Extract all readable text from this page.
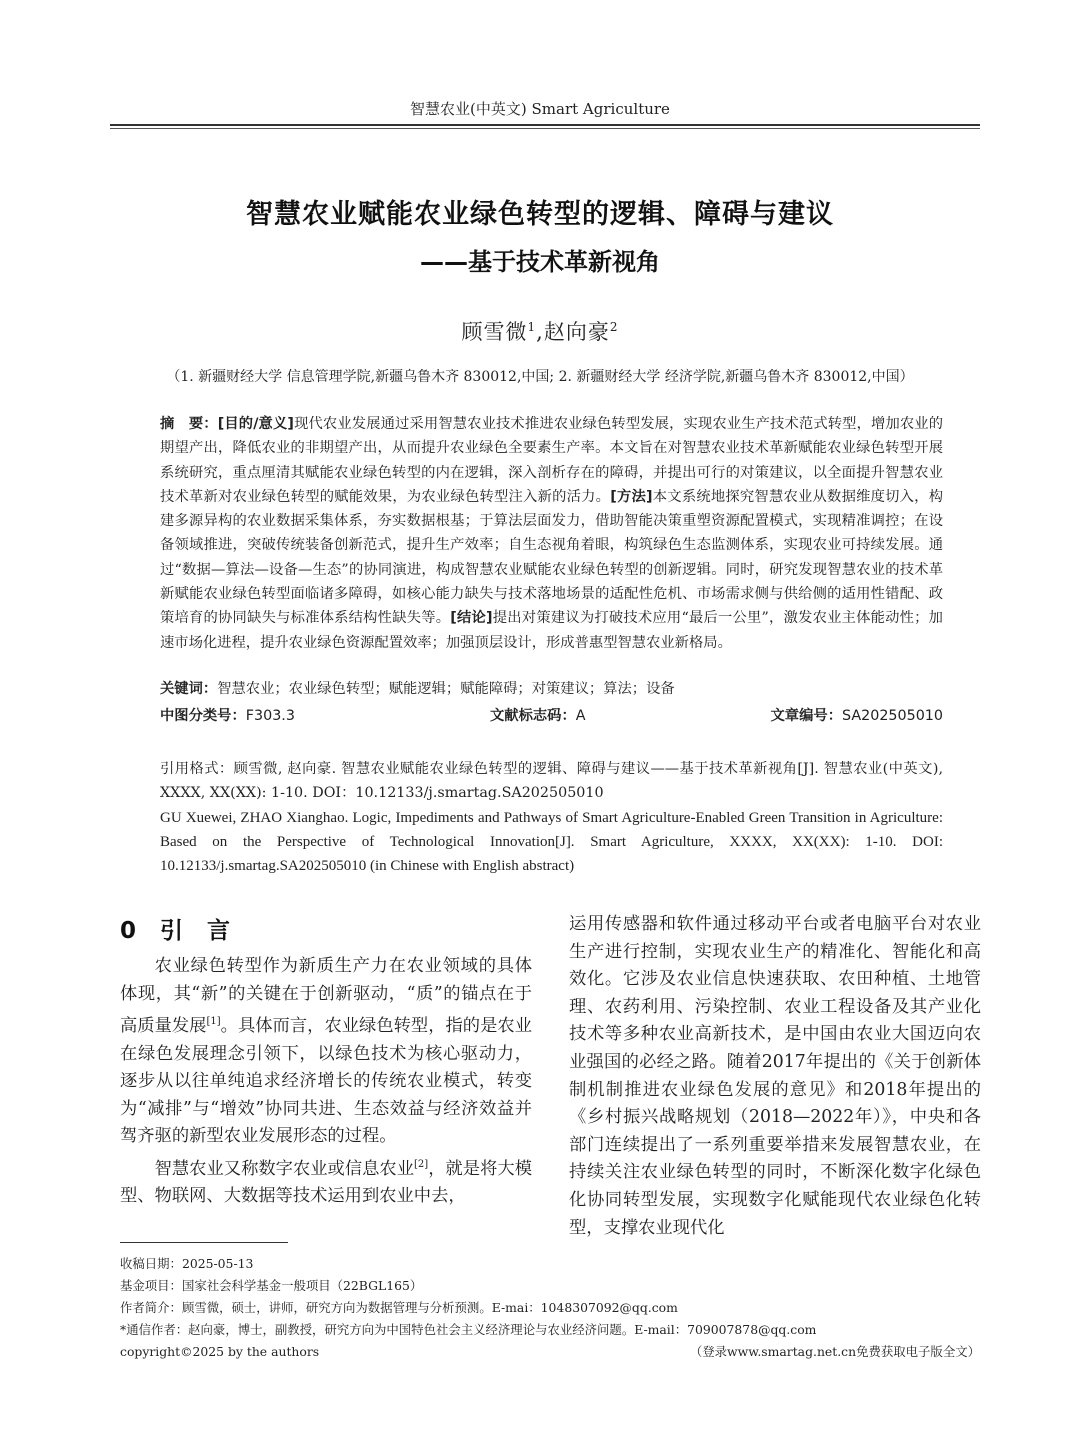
智慧农业(中英文) Smart Agriculture
智慧农业赋能农业绿色转型的逻辑、障碍与建议
——基于技术革新视角
顾雪微$^1$,赵向豪$^2$
（1. 新疆财经大学 信息管理学院,新疆乌鲁木齐 830012,中国; 2. 新疆财经大学 经济学院,新疆乌鲁木齐 830012,中国）
摘　要：[目的/意义]现代农业发展通过采用智慧农业技术推进农业绿色转型发展，实现农业生产技术范式转型，增加农业的期望产出，降低农业的非期望产出，从而提升农业绿色全要素生产率。本文旨在对智慧农业技术革新赋能农业绿色转型开展系统研究，重点厘清其赋能农业绿色转型的内在逻辑，深入剖析存在的障碍，并提出可行的对策建议，以全面提升智慧农业技术革新对农业绿色转型的赋能效果，为农业绿色转型注入新的活力。[方法]本文系统地探究智慧农业从数据维度切入，构建多源异构的农业数据采集体系，夯实数据根基；于算法层面发力，借助智能决策重塑资源配置模式，实现精准调控；在设备领域推进，突破传统装备创新范式，提升生产效率；自生态视角着眼，构筑绿色生态监测体系，实现农业可持续发展。通过“数据—算法—设备—生态”的协同演进，构成智慧农业赋能农业绿色转型的创新逻辑。同时，研究发现智慧农业的技术革新赋能农业绿色转型面临诸多障碍，如核心能力缺失与技术落地场景的适配性危机、市场需求侧与供给侧的适用性错配、政策培育的协同缺失与标准体系结构性缺失等。[结论]提出对策建议为打破技术应用“最后一公里”，激发农业主体能动性；加速市场化进程，提升农业绿色资源配置效率；加强顶层设计，形成普惠型智慧农业新格局。
关键词：智慧农业；农业绿色转型；赋能逻辑；赋能障碍；对策建议；算法；设备
中图分类号：F303.3	文献标志码：A	文章编号：SA202505010

引用格式：顾雪微, 赵向豪. 智慧农业赋能农业绿色转型的逻辑、障碍与建议——基于技术革新视角[J]. 智慧农业(中英文), XXXX, XX(XX): 1-10. DOI：10.12133/j.smartag.SA202505010

GU Xuewei, ZHAO Xianghao. Logic, Impediments and Pathways of Smart Agriculture-Enabled Green Transition in Agriculture: Based on the Perspective of Technological Innovation[J]. Smart Agriculture, XXXX, XX(XX): 1-10. DOI: 10.12133/j.smartag.SA202505010 (in Chinese with English abstract)

0 引 言

农业绿色转型作为新质生产力在农业领域的具体体现，其“新”的关键在于创新驱动，“质”的锚点在于高质量发展[1]。具体而言，农业绿色转型，指的是农业在绿色发展理念引领下，以绿色技术为核心驱动力，逐步从以往单纯追求经济增长的传统农业模式，转变为“减排”与“增效”协同共进、生态效益与经济效益并驾齐驱的新型农业发展形态的过程。

智慧农业又称数字农业或信息农业[2]，就是将大模型、物联网、大数据等技术运用到农业中去，

运用传感器和软件通过移动平台或者电脑平台对农业生产进行控制，实现农业生产的精准化、智能化和高效化。它涉及农业信息快速获取、农田种植、土地管理、农药利用、污染控制、农业工程设备及其产业化技术等多种农业高新技术，是中国由农业大国迈向农业强国的必经之路。随着2017年提出的《关于创新体制机制推进农业绿色发展的意见》和2018年提出的《乡村振兴战略规划（2018—2022年）》，中央和各部门连续提出了一系列重要举措来发展智慧农业，在持续关注农业绿色转型的同时，不断深化数字化绿色化协同转型发展，实现数字化赋能现代农业绿色化转型，支撑农业现代化

收稿日期：2025-05-13
基金项目：国家社会科学基金一般项目（22BGL165）
作者简介：顾雪微，硕士，讲师，研究方向为数据管理与分析预测。E-mai：1048307092@qq.com
*通信作者：赵向豪，博士，副教授，研究方向为中国特色社会主义经济理论与农业经济问题。E-mail：709007878@qq.com
copyright©2025 by the authors	（登录www.smartag.net.cn免费获取电子版全文）
